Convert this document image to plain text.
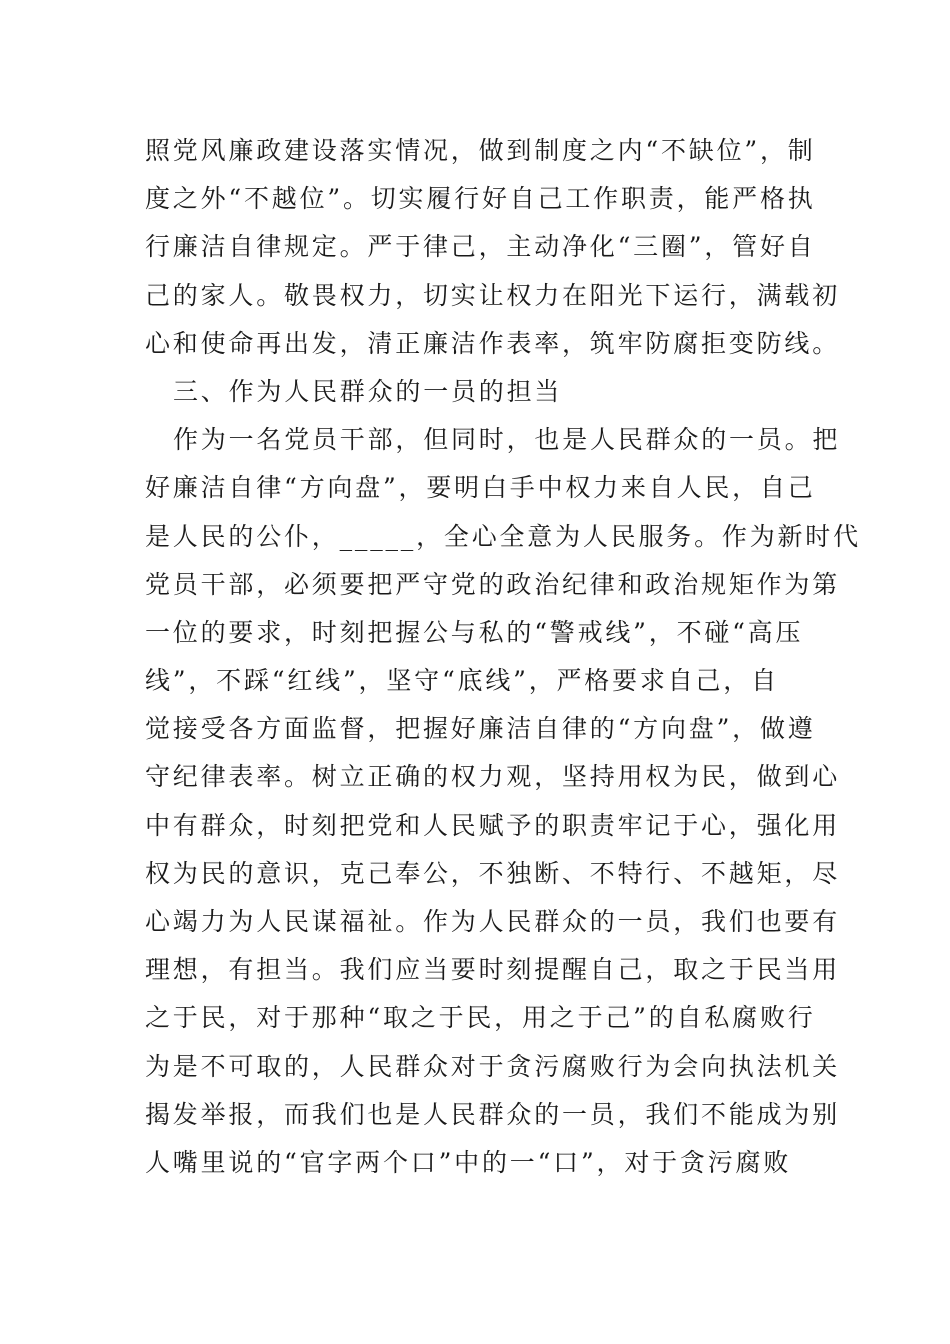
照党风廉政建设落实情况，做到制度之内“不缺位”，制
度之外“不越位”。切实履行好自己工作职责，能严格执
行廉洁自律规定。严于律己，主动净化“三圈”，管好自
己的家人。敬畏权力，切实让权力在阳光下运行，满载初
心和使命再出发，清正廉洁作表率，筑牢防腐拒变防线。
三、作为人民群众的一员的担当
作为一名党员干部，但同时，也是人民群众的一员。把
好廉洁自律“方向盘”，要明白手中权力来自人民，自己
是人民的公仆，_____，全心全意为人民服务。作为新时代
党员干部，必须要把严守党的政治纪律和政治规矩作为第
一位的要求，时刻把握公与私的“警戒线”，不碰“高压
线”，不踩“红线”，坚守“底线”，严格要求自己，自
觉接受各方面监督，把握好廉洁自律的“方向盘”，做遵
守纪律表率。树立正确的权力观，坚持用权为民，做到心
中有群众，时刻把党和人民赋予的职责牢记于心，强化用
权为民的意识，克己奉公，不独断、不特行、不越矩，尽
心竭力为人民谋福祉。作为人民群众的一员，我们也要有
理想，有担当。我们应当要时刻提醒自己，取之于民当用
之于民，对于那种“取之于民，用之于己”的自私腐败行
为是不可取的，人民群众对于贪污腐败行为会向执法机关
揭发举报，而我们也是人民群众的一员，我们不能成为别
人嘴里说的“官字两个口”中的一“口”，对于贪污腐败
